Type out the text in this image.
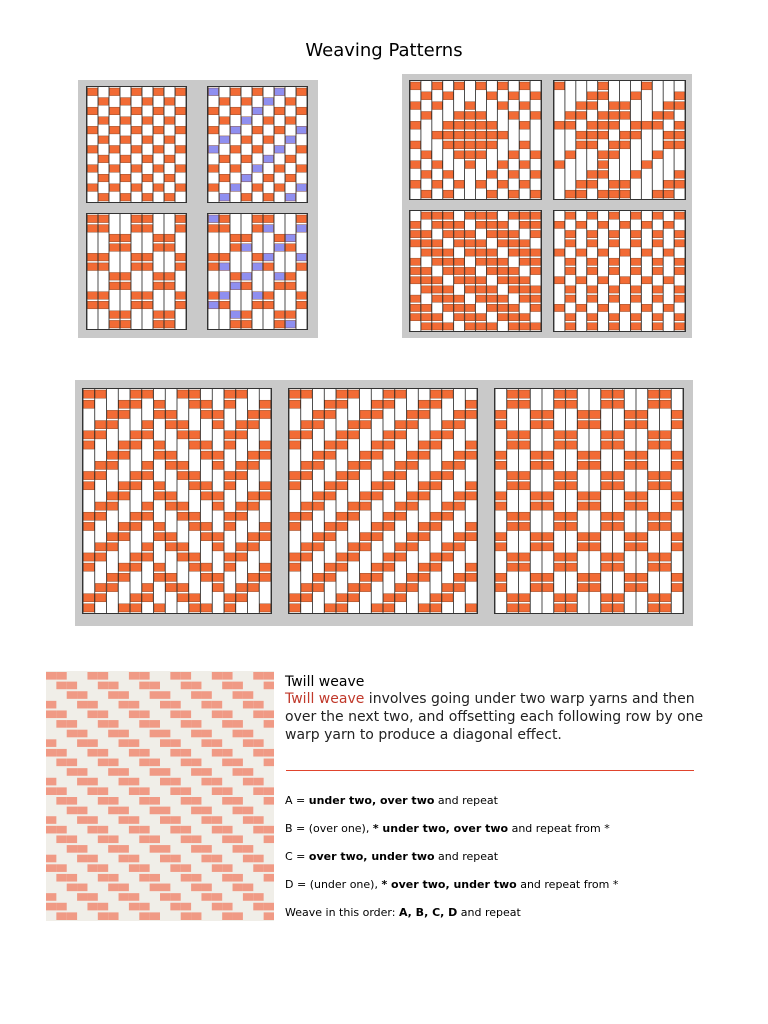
Weaving Patterns
Twill weave
Twill weave involves going under two warp yarns and then over the next two, and offsetting each following row by one warp yarn to produce a diagonal effect.
A = under two, over two and repeat
B = (over one), * under two, over two and repeat from *
C = over two, under two and repeat
D = (under one), * over two, under two and repeat from *
Weave in this order: A, B, C, D and repeat
